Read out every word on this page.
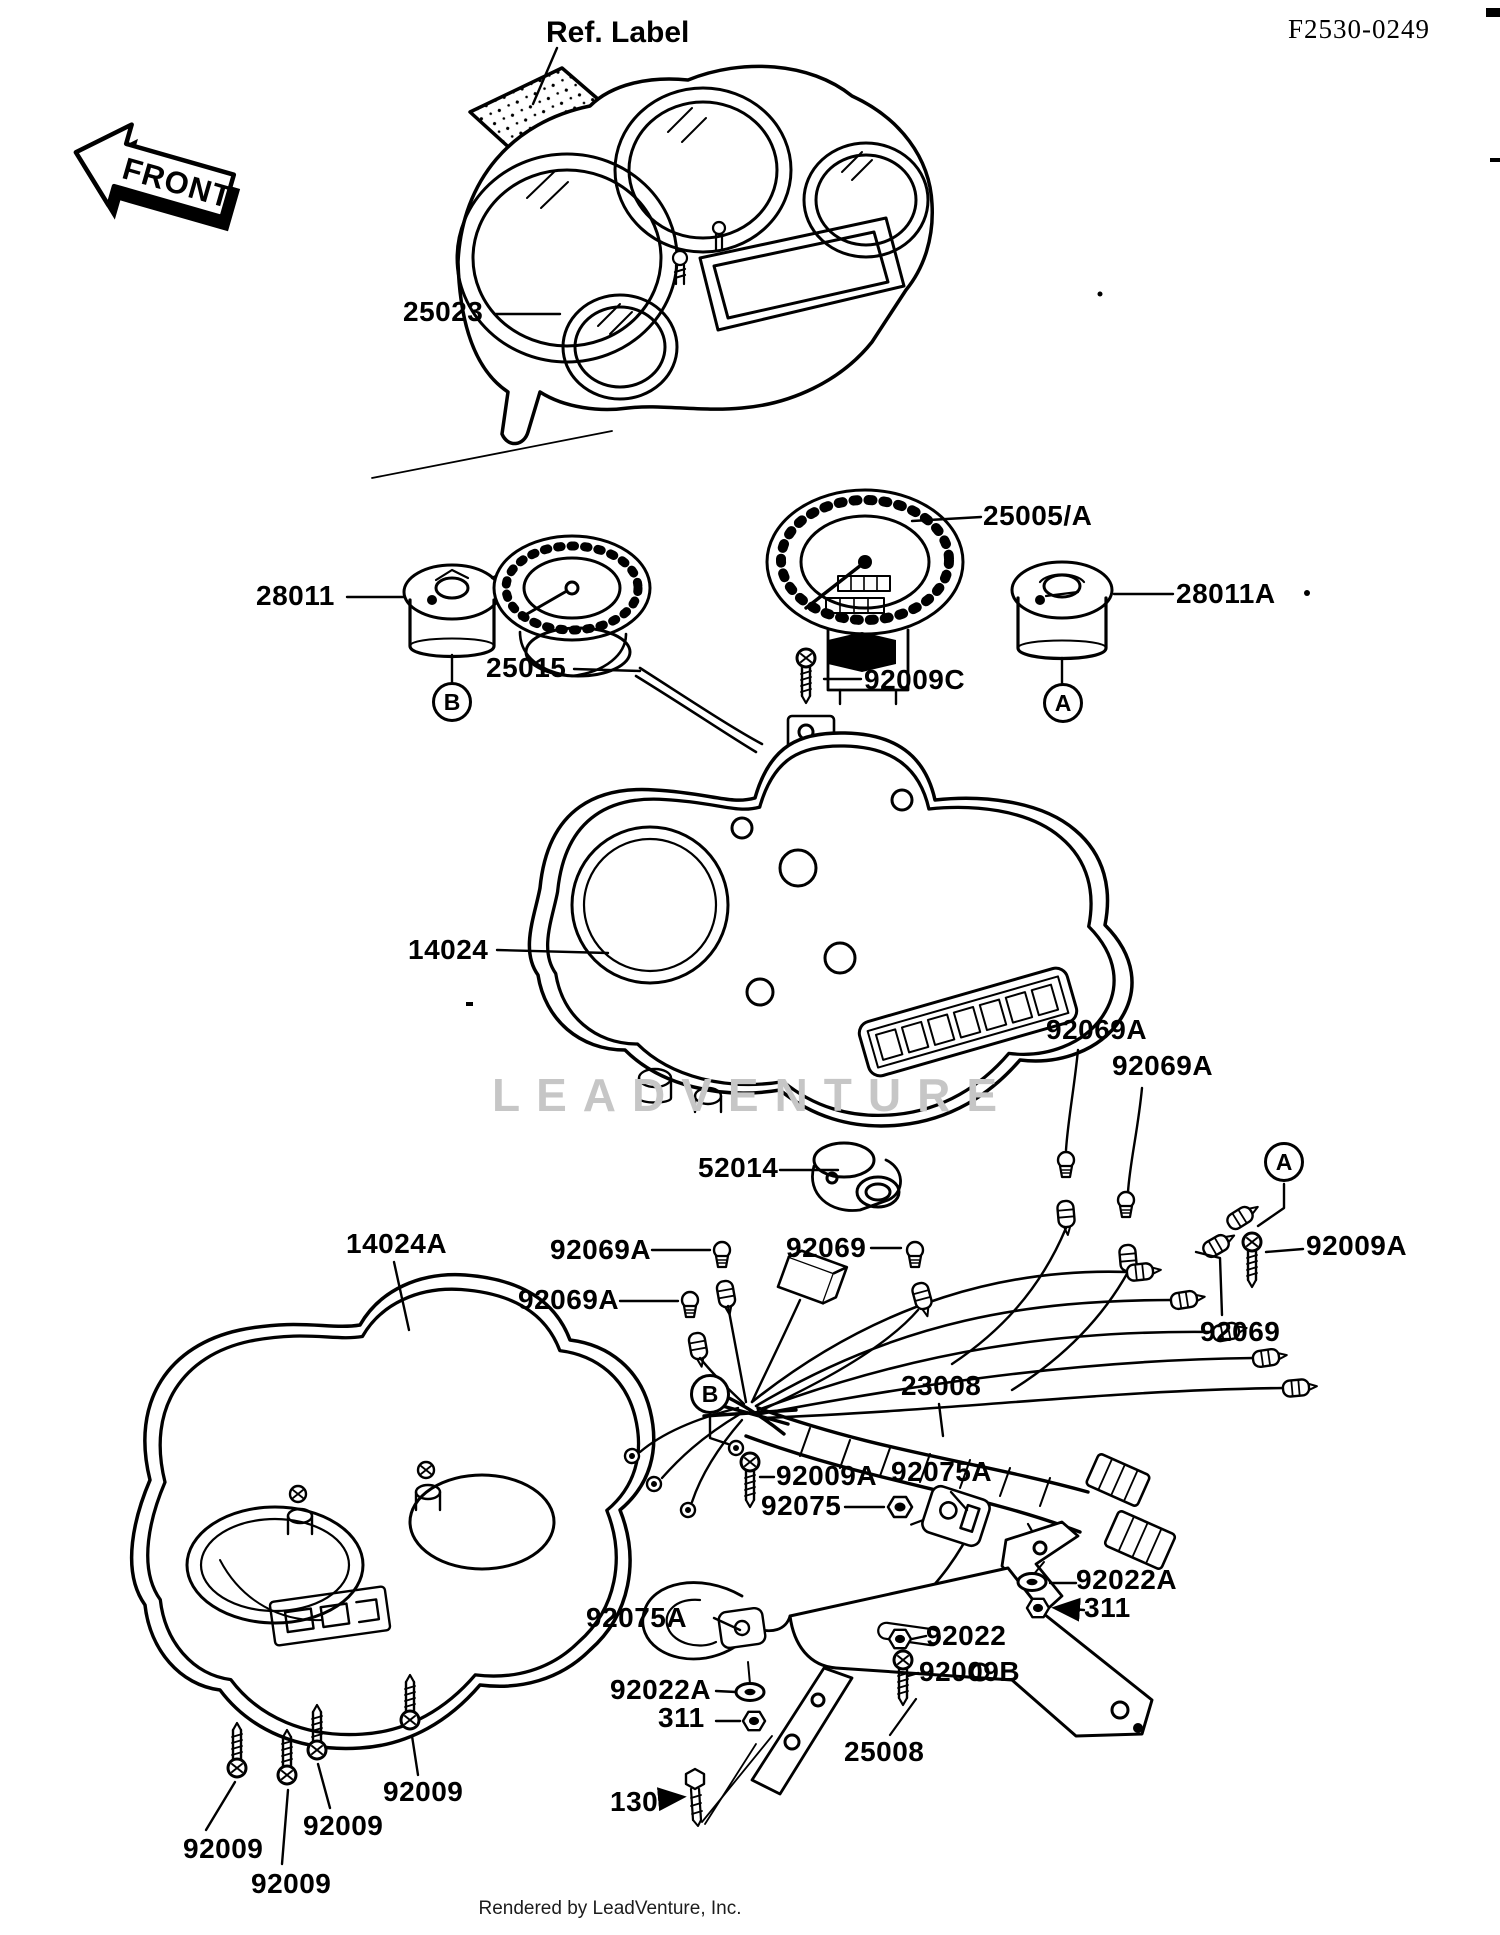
FRONT
LEADVENTURE
F2530-0249
Ref. Label
25023
25005/A
28011
25015	92009C
28011A
14024
92069A
92069A
52014
14024A	92069A
92069A
92069	92009A
92069
23008
92009A 92075A
92075
92022A
311
92022
92009B
92075A
92022A
311
130
25008
92009
92009
92009
92009
B	A
A
B
Rendered by LeadVenture, Inc.
